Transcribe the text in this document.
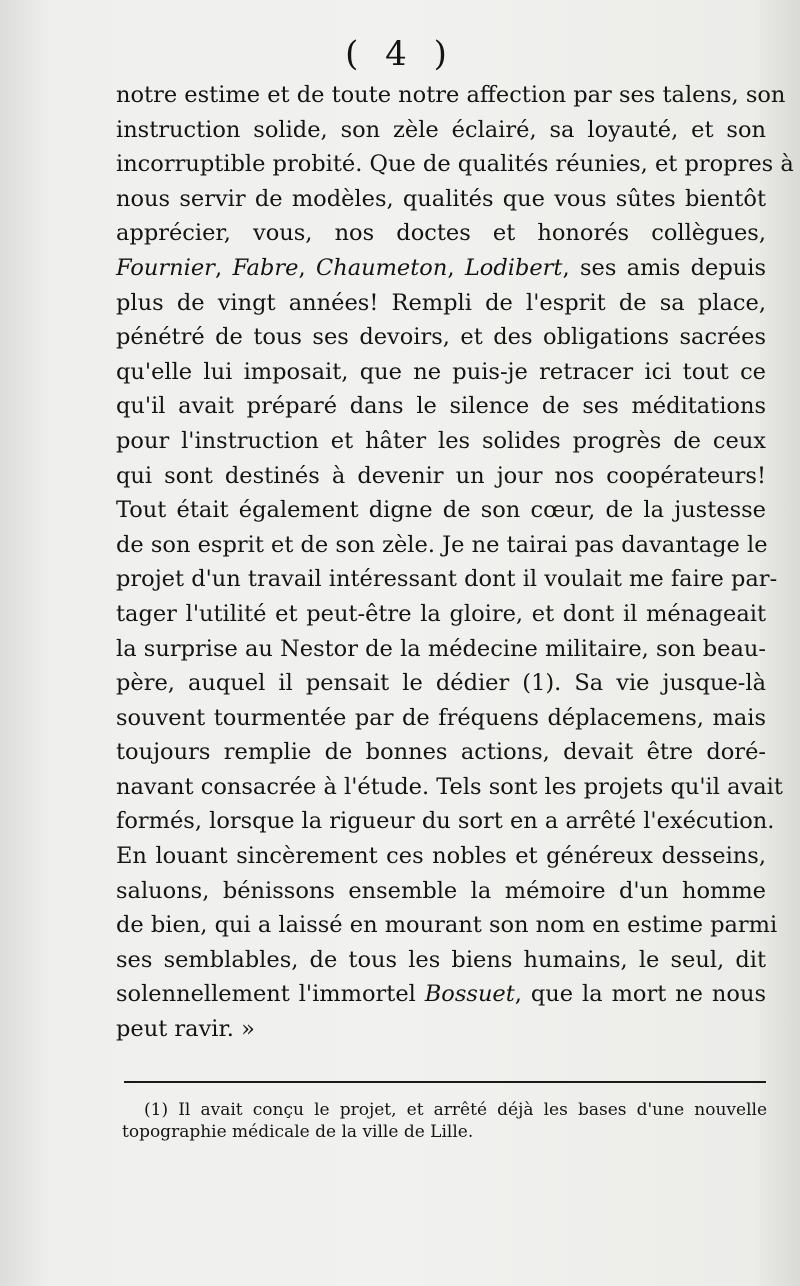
( 4 )
notre estime et de toute notre affection par ses talens, son
instruction solide, son zèle éclairé, sa loyauté, et son
incorruptible probité. Que de qualités réunies, et propres à
nous servir de modèles, qualités que vous sûtes bientôt
apprécier, vous, nos doctes et honorés collègues,
Fournier, Fabre, Chaumeton, Lodibert, ses amis depuis
plus de vingt années! Rempli de l'esprit de sa place,
pénétré de tous ses devoirs, et des obligations sacrées
qu'elle lui imposait, que ne puis-je retracer ici tout ce
qu'il avait préparé dans le silence de ses méditations
pour l'instruction et hâter les solides progrès de ceux
qui sont destinés à devenir un jour nos coopérateurs!
Tout était également digne de son cœur, de la justesse
de son esprit et de son zèle. Je ne tairai pas davantage le
projet d'un travail intéressant dont il voulait me faire par-
tager l'utilité et peut-être la gloire, et dont il ménageait
la surprise au Nestor de la médecine militaire, son beau-
père, auquel il pensait le dédier (1). Sa vie jusque-là
souvent tourmentée par de fréquens déplacemens, mais
toujours remplie de bonnes actions, devait être doré-
navant consacrée à l'étude. Tels sont les projets qu'il avait
formés, lorsque la rigueur du sort en a arrêté l'exécution.
En louant sincèrement ces nobles et généreux desseins,
saluons, bénissons ensemble la mémoire d'un homme
de bien, qui a laissé en mourant son nom en estime parmi
ses semblables, de tous les biens humains, le seul, dit
solennellement l'immortel Bossuet, que la mort ne nous
peut ravir. »
(1) Il avait conçu le projet, et arrêté déjà les bases d'une nouvelle
topographie médicale de la ville de Lille.
